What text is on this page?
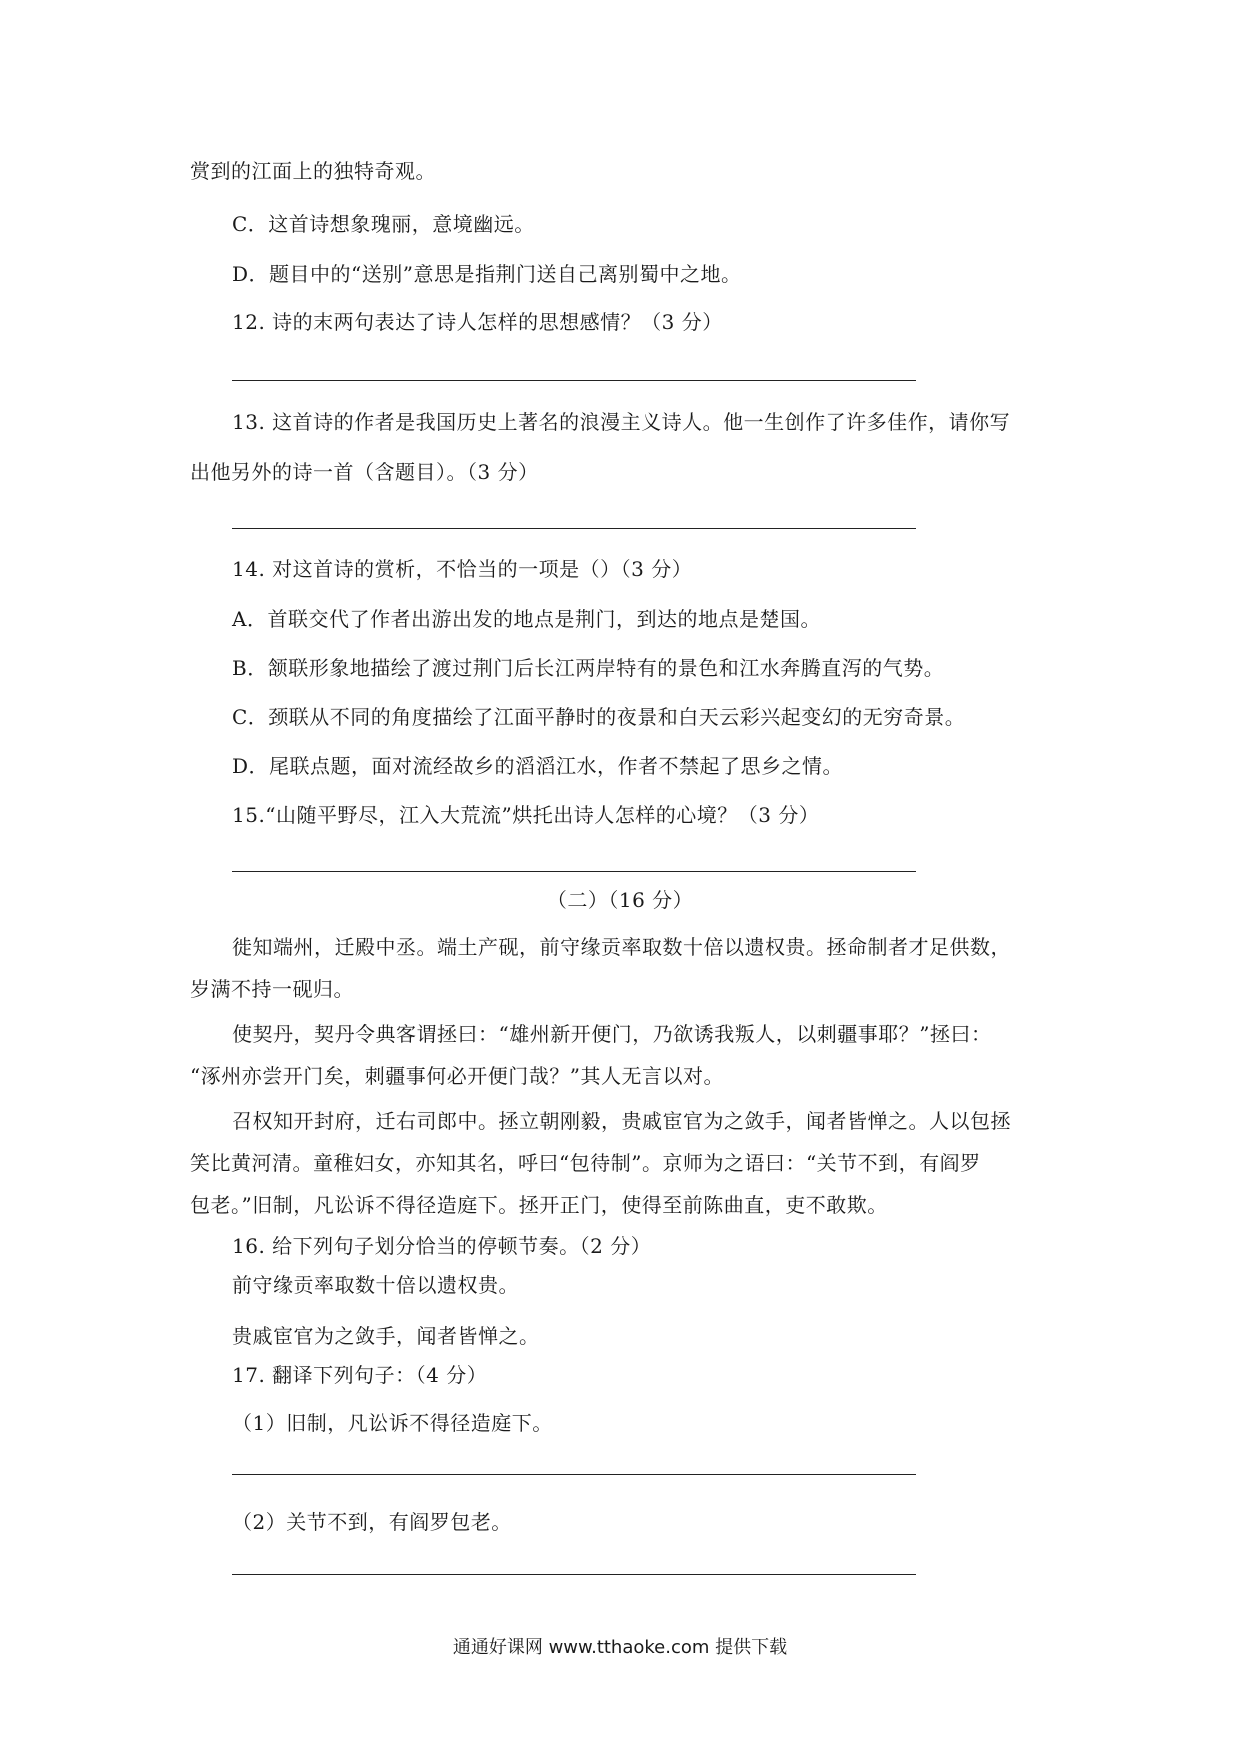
赏到的江面上的独特奇观。

C．这首诗想象瑰丽，意境幽远。

D．题目中的“送别”意思是指荆门送自己离别蜀中之地。

12. 诗的末两句表达了诗人怎样的思想感情？（3 分）

13. 这首诗的作者是我国历史上著名的浪漫主义诗人。他一生创作了许多佳作，请你写

出他另外的诗一首（含题目）。（3 分）

14. 对这首诗的赏析，不恰当的一项是（）（3 分）

A．首联交代了作者出游出发的地点是荆门，到达的地点是楚国。

B．颔联形象地描绘了渡过荆门后长江两岸特有的景色和江水奔腾直泻的气势。

C．颈联从不同的角度描绘了江面平静时的夜景和白天云彩兴起变幻的无穷奇景。

D．尾联点题，面对流经故乡的滔滔江水，作者不禁起了思乡之情。

15.“山随平野尽，江入大荒流”烘托出诗人怎样的心境？（3 分）

（二）（16 分）

徙知端州，迁殿中丞。端土产砚，前守缘贡率取数十倍以遗权贵。拯命制者才足供数，

岁满不持一砚归。

使契丹，契丹令典客谓拯曰：“雄州新开便门，乃欲诱我叛人，以刺疆事耶？”拯曰：

“涿州亦尝开门矣，刺疆事何必开便门哉？”其人无言以对。

召权知开封府，迁右司郎中。拯立朝刚毅，贵戚宦官为之敛手，闻者皆惮之。人以包拯

笑比黄河清。童稚妇女，亦知其名，呼曰“包待制”。京师为之语曰：“关节不到，有阎罗

包老。”旧制，凡讼诉不得径造庭下。拯开正门，使得至前陈曲直，吏不敢欺。

16. 给下列句子划分恰当的停顿节奏。（2 分）

前守缘贡率取数十倍以遗权贵。

贵戚宦官为之敛手，闻者皆惮之。

17. 翻译下列句子：（4 分）

（1）旧制，凡讼诉不得径造庭下。

（2）关节不到，有阎罗包老。

通通好课网 www.tthaoke.com 提供下载
